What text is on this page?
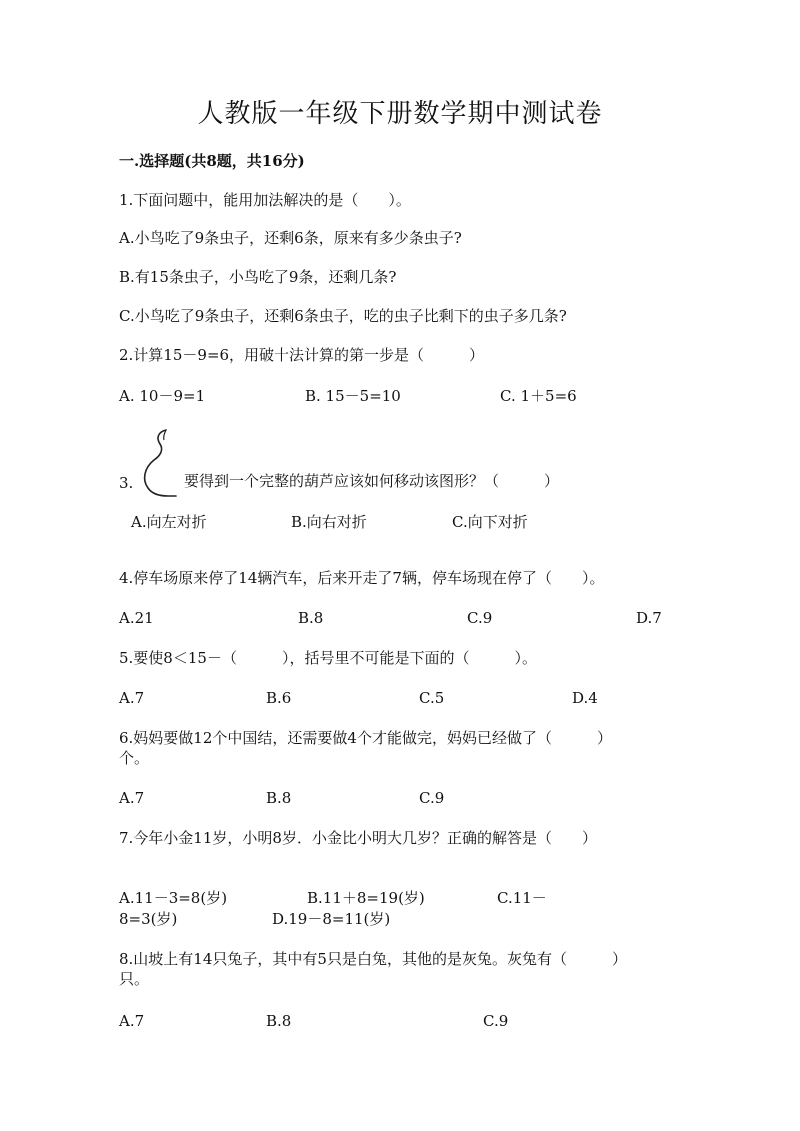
人教版一年级下册数学期中测试卷
一.选择题(共8题，共16分)
1.下面问题中，能用加法解决的是（　　）。
A.小鸟吃了9条虫子，还剩6条，原来有多少条虫子?
B.有15条虫子，小鸟吃了9条，还剩几条?
C.小鸟吃了9条虫子，还剩6条虫子，吃的虫子比剩下的虫子多几条?
2.计算15－9=6，用破十法计算的第一步是（　　　）
A. 10－9=1	B. 15－5=10	C. 1＋5=6
3.	要得到一个完整的葫芦应该如何移动该图形？（　　　）
A.向左对折	B.向右对折	C.向下对折
4.停车场原来停了14辆汽车，后来开走了7辆，停车场现在停了（　　）。
A.21	B.8	C.9	D.7
5.要使8＜15－（　　　），括号里不可能是下面的（　　　）。
A.7	B.6	C.5	D.4
6.妈妈要做12个中国结，还需要做4个才能做完，妈妈已经做了（　　　）
个。
A.7	B.8	C.9
7.今年小金11岁，小明8岁．小金比小明大几岁？正确的解答是（　　）
A.11－3=8(岁)	B.11＋8=19(岁)	C.11－
8=3(岁)	D.19－8=11(岁)
8.山坡上有14只兔子，其中有5只是白兔，其他的是灰兔。灰兔有（　　　）
只。
A.7	B.8	C.9
